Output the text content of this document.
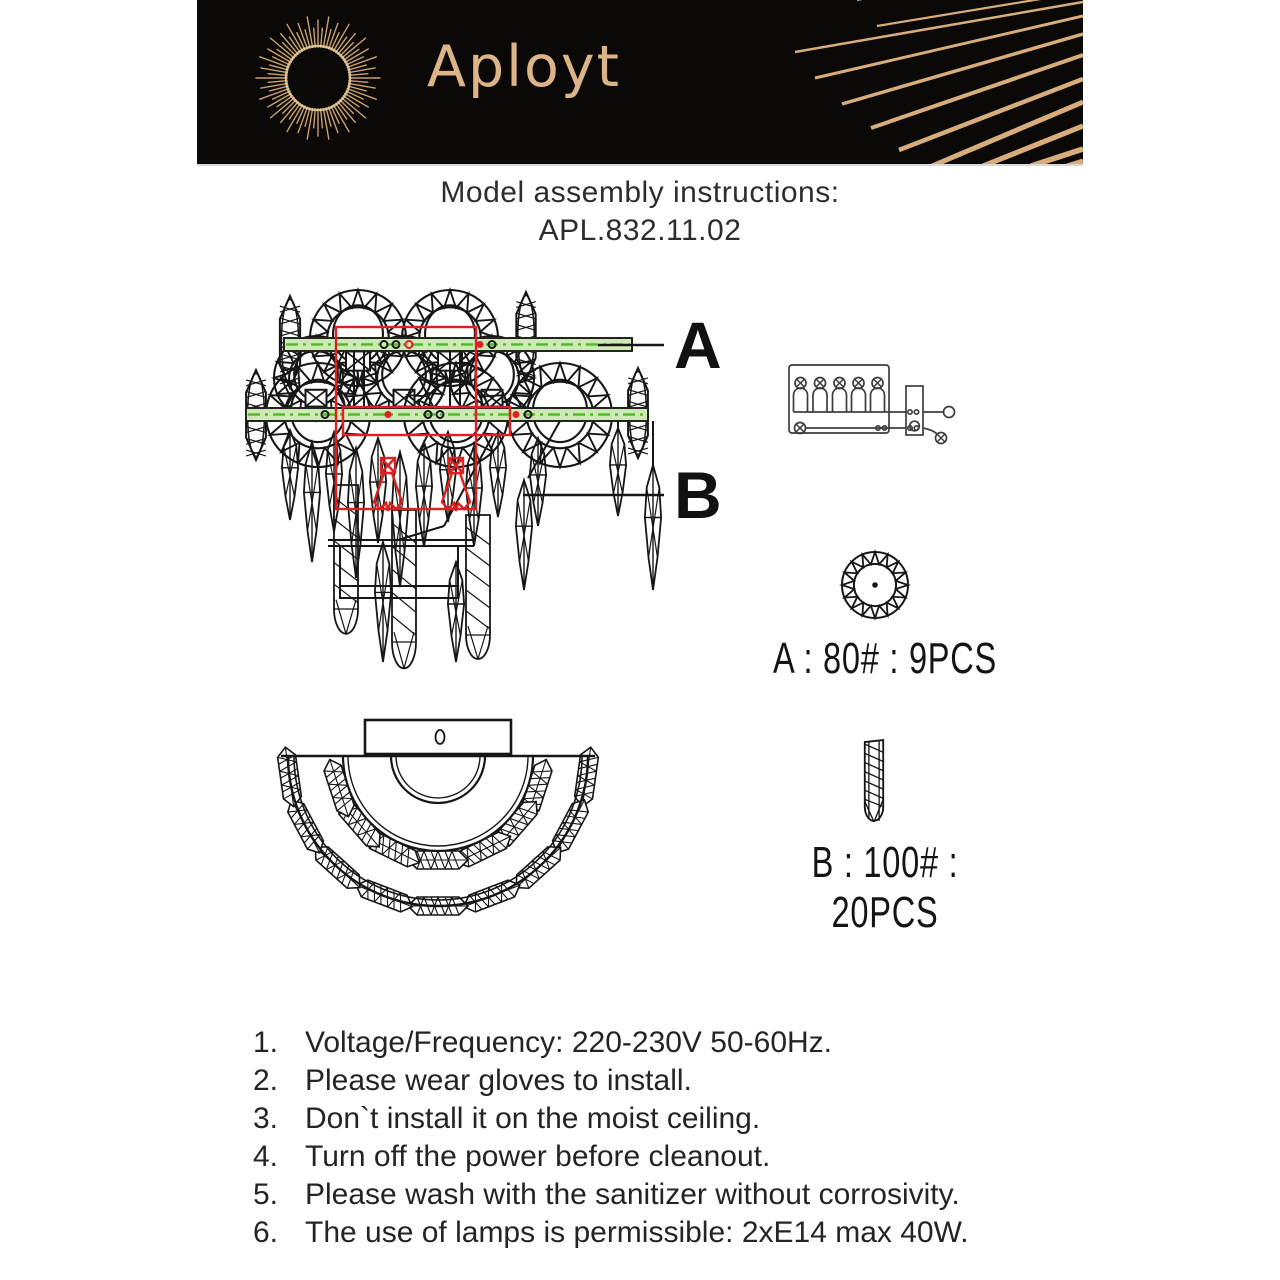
Aployt
Model assembly instructions:
APL.832.11.02
A
B
A : 80# : 9PCS
B : 100# : 20PCS
1. Voltage/Frequency: 220-230V 50-60Hz.
2. Please wear gloves to install.
3. Don`t install it on the moist ceiling.
4. Turn off the power before cleanout.
5. Please wash with the sanitizer without corrosivity.
6. The use of lamps is permissible: 2xE14 max 40W.
